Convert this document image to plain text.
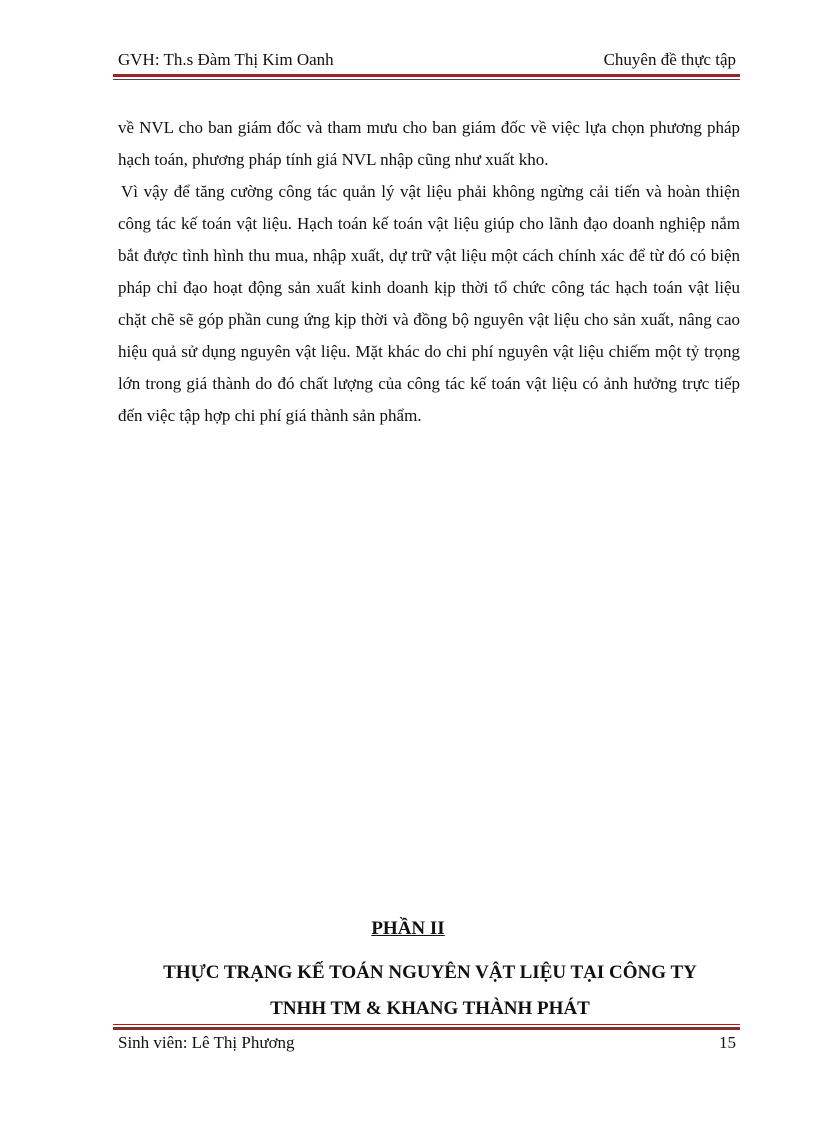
GVH: Th.s Đàm Thị Kim Oanh	Chuyên đề thực tập

về NVL cho ban giám đốc và tham mưu cho ban giám đốc về việc lựa chọn phương pháp hạch toán, phương pháp tính giá NVL nhập cũng như xuất kho.

Vì vậy để tăng cường công tác quản lý vật liệu phải không ngừng cải tiến và hoàn thiện công tác kế toán vật liệu. Hạch toán kế toán vật liệu giúp cho lãnh đạo doanh nghiệp nắm bắt được tình hình thu mua, nhập xuất, dự trữ vật liệu một cách chính xác để từ đó có biện pháp chỉ đạo hoạt động sản xuất kinh doanh kịp thời tổ chức công tác hạch toán vật liệu chặt chẽ sẽ góp phần cung ứng kịp thời và đồng bộ nguyên vật liệu cho sản xuất, nâng cao hiệu quả sử dụng nguyên vật liệu. Mặt khác do chi phí nguyên vật liệu chiếm một tỷ trọng lớn trong giá thành do đó chất lượng của công tác kế toán vật liệu có ảnh hưởng trực tiếp đến việc tập hợp chi phí giá thành sản phẩm.

PHẦN II
THỰC TRẠNG KẾ TOÁN NGUYÊN VẬT LIỆU TẠI CÔNG TY
TNHH TM & KHANG THÀNH PHÁT
Sinh viên: Lê Thị Phương	15
